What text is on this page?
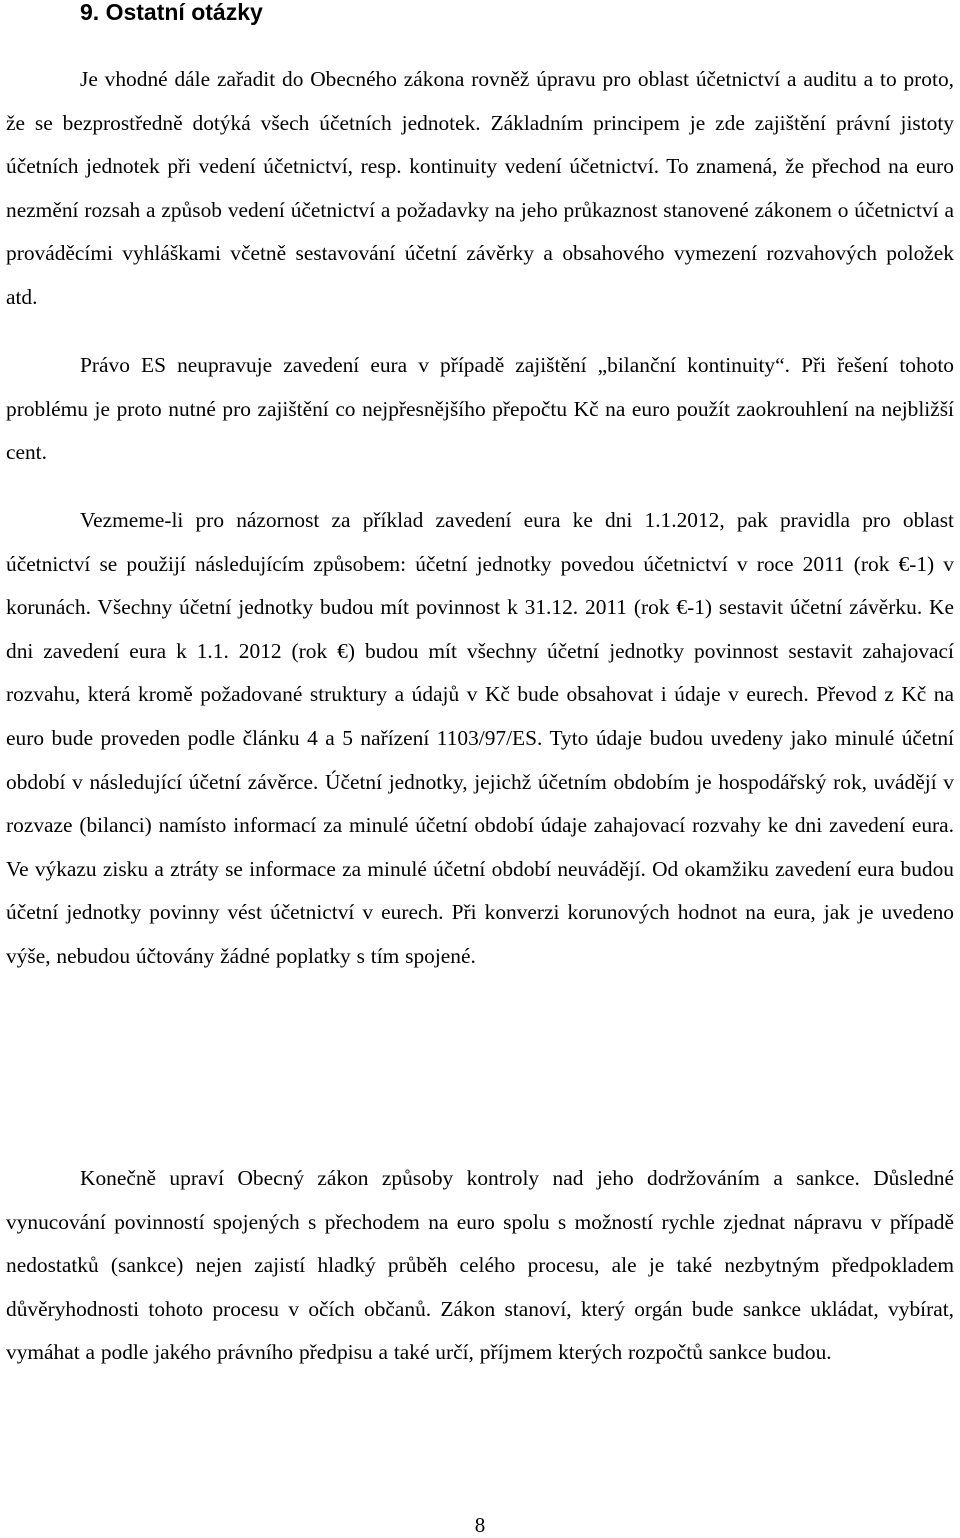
9. Ostatní otázky

Je vhodné dále zařadit do Obecného zákona rovněž úpravu pro oblast účetnictví a auditu a to proto, že se bezprostředně dotýká všech účetních jednotek. Základním principem je zde zajištění právní jistoty účetních jednotek při vedení účetnictví, resp. kontinuity vedení účetnictví. To znamená, že přechod na euro nezmění rozsah a způsob vedení účetnictví a požadavky na jeho průkaznost stanovené zákonem o účetnictví a prováděcími vyhláškami včetně sestavování účetní závěrky a obsahového vymezení rozvahových položek atd.

Právo ES neupravuje zavedení eura v případě zajištění „bilanční kontinuity“. Při řešení tohoto problému je proto nutné pro zajištění co nejpřesnějšího přepočtu Kč na euro použít zaokrouhlení na nejbližší cent.

Vezmeme-li pro názornost za příklad zavedení eura ke dni 1.1.2012, pak pravidla pro oblast účetnictví se použijí následujícím způsobem: účetní jednotky povedou účetnictví v roce 2011 (rok €-1) v korunách. Všechny účetní jednotky budou mít povinnost k 31.12. 2011 (rok €-1) sestavit účetní závěrku. Ke dni zavedení eura k 1.1. 2012 (rok €) budou mít všechny účetní jednotky povinnost sestavit zahajovací rozvahu, která kromě požadované struktury a údajů v Kč bude obsahovat i údaje v eurech. Převod z Kč na euro bude proveden podle článku 4 a 5 nařízení 1103/97/ES. Tyto údaje budou uvedeny jako minulé účetní období v následující účetní závěrce. Účetní jednotky, jejichž účetním obdobím je hospodářský rok, uvádějí v rozvaze (bilanci) namísto informací za minulé účetní období údaje zahajovací rozvahy ke dni zavedení eura. Ve výkazu zisku a ztráty se informace za minulé účetní období neuvádějí. Od okamžiku zavedení eura budou účetní jednotky povinny vést účetnictví v eurech. Při konverzi korunových hodnot na eura, jak je uvedeno výše, nebudou účtovány žádné poplatky s tím spojené.

Konečně upraví Obecný zákon způsoby kontroly nad jeho dodržováním a sankce. Důsledné vynucování povinností spojených s přechodem na euro spolu s možností rychle zjednat nápravu v případě nedostatků (sankce) nejen zajistí hladký průběh celého procesu, ale je také nezbytným předpokladem důvěryhodnosti tohoto procesu v očích občanů. Zákon stanoví, který orgán bude sankce ukládat, vybírat, vymáhat a podle jakého právního předpisu a také určí, příjmem kterých rozpočtů sankce budou.

8
